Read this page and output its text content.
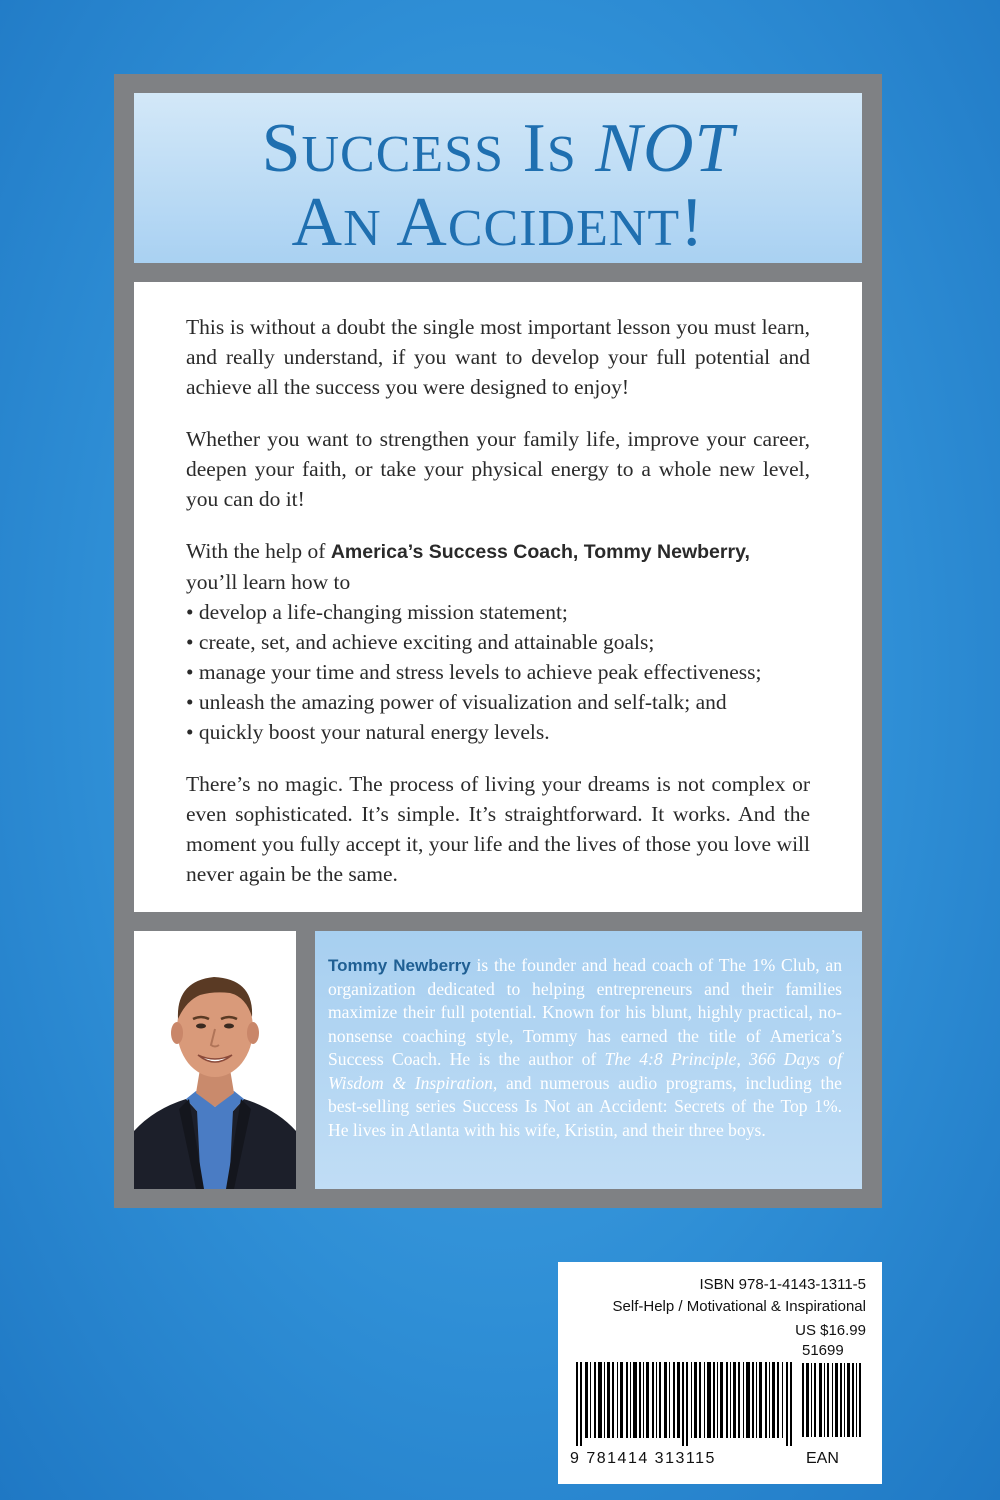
SUCCESS IS NOT
AN ACCIDENT!

This is without a doubt the single most important lesson you must learn, and really understand, if you want to develop your full potential and achieve all the success you were designed to enjoy!

Whether you want to strengthen your family life, improve your career, deepen your faith, or take your physical energy to a whole new level, you can do it!

With the help of America’s Success Coach, Tommy Newberry,
you’ll learn how to

• develop a life-changing mission statement;
• create, set, and achieve exciting and attainable goals;
• manage your time and stress levels to achieve peak effectiveness;
• unleash the amazing power of visualization and self-talk; and
• quickly boost your natural energy levels.

There’s no magic. The process of living your dreams is not complex or even sophisticated. It’s simple. It’s straightforward. It works. And the moment you fully accept it, your life and the lives of those you love will never again be the same.

Tommy Newberry is the founder and head coach of The 1% Club, an organization dedicated to helping entrepreneurs and their families maximize their full potential. Known for his blunt, highly practical, no-nonsense coaching style, Tommy has earned the title of America’s Success Coach. He is the author of The 4:8 Principle, 366 Days of Wisdom & Inspiration, and numerous audio programs, including the best-selling series Success Is Not an Accident: Secrets of the Top 1%. He lives in Atlanta with his wife, Kristin, and their three boys.
ISBN 978-1-4143-1311-5
Self-Help / Motivational & Inspirational
US $16.99
51699
9 781414 313115	EAN
